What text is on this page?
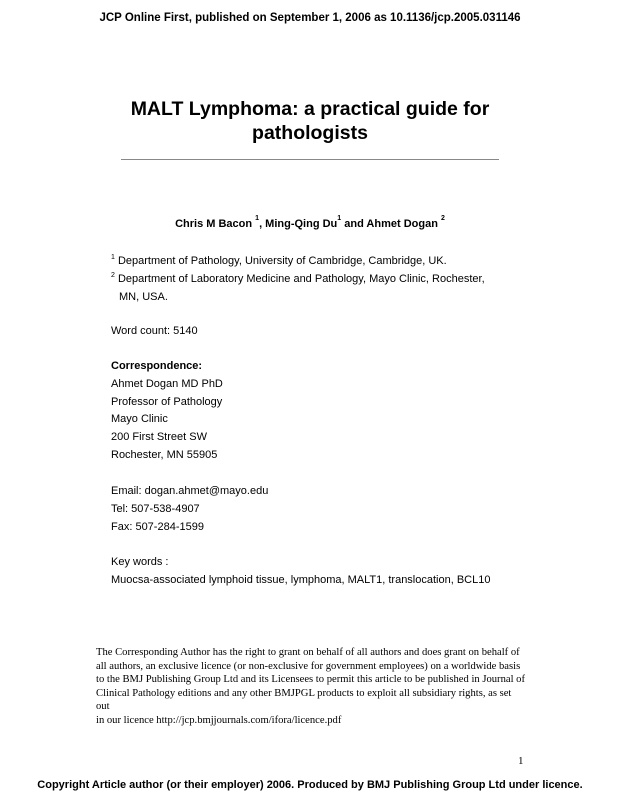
JCP Online First, published on September 1, 2006 as 10.1136/jcp.2005.031146
MALT Lymphoma: a practical guide for
pathologists
Chris M Bacon $^1$, Ming-Qing Du$^1$ and Ahmet Dogan $^2$
$^1$ Department of Pathology, University of Cambridge, Cambridge, UK.
$^2$ Department of Laboratory Medicine and Pathology, Mayo Clinic, Rochester,
MN, USA.
Word count: 5140
Correspondence:
Ahmet Dogan MD PhD
Professor of Pathology
Mayo Clinic
200 First Street SW
Rochester, MN 55905
Email: dogan.ahmet@mayo.edu
Tel: 507-538-4907
Fax: 507-284-1599
Key words :
Muocsa-associated lymphoid tissue, lymphoma, MALT1, translocation, BCL10
The Corresponding Author has the right to grant on behalf of all authors and does grant on behalf of
all authors, an exclusive licence (or non-exclusive for government employees) on a worldwide basis
to the BMJ Publishing Group Ltd and its Licensees to permit this article to be published in Journal of
Clinical Pathology editions and any other BMJPGL products to exploit all subsidiary rights, as set out
in our licence http://jcp.bmjjournals.com/ifora/licence.pdf
1
Copyright Article author (or their employer) 2006. Produced by BMJ Publishing Group Ltd under licence.
